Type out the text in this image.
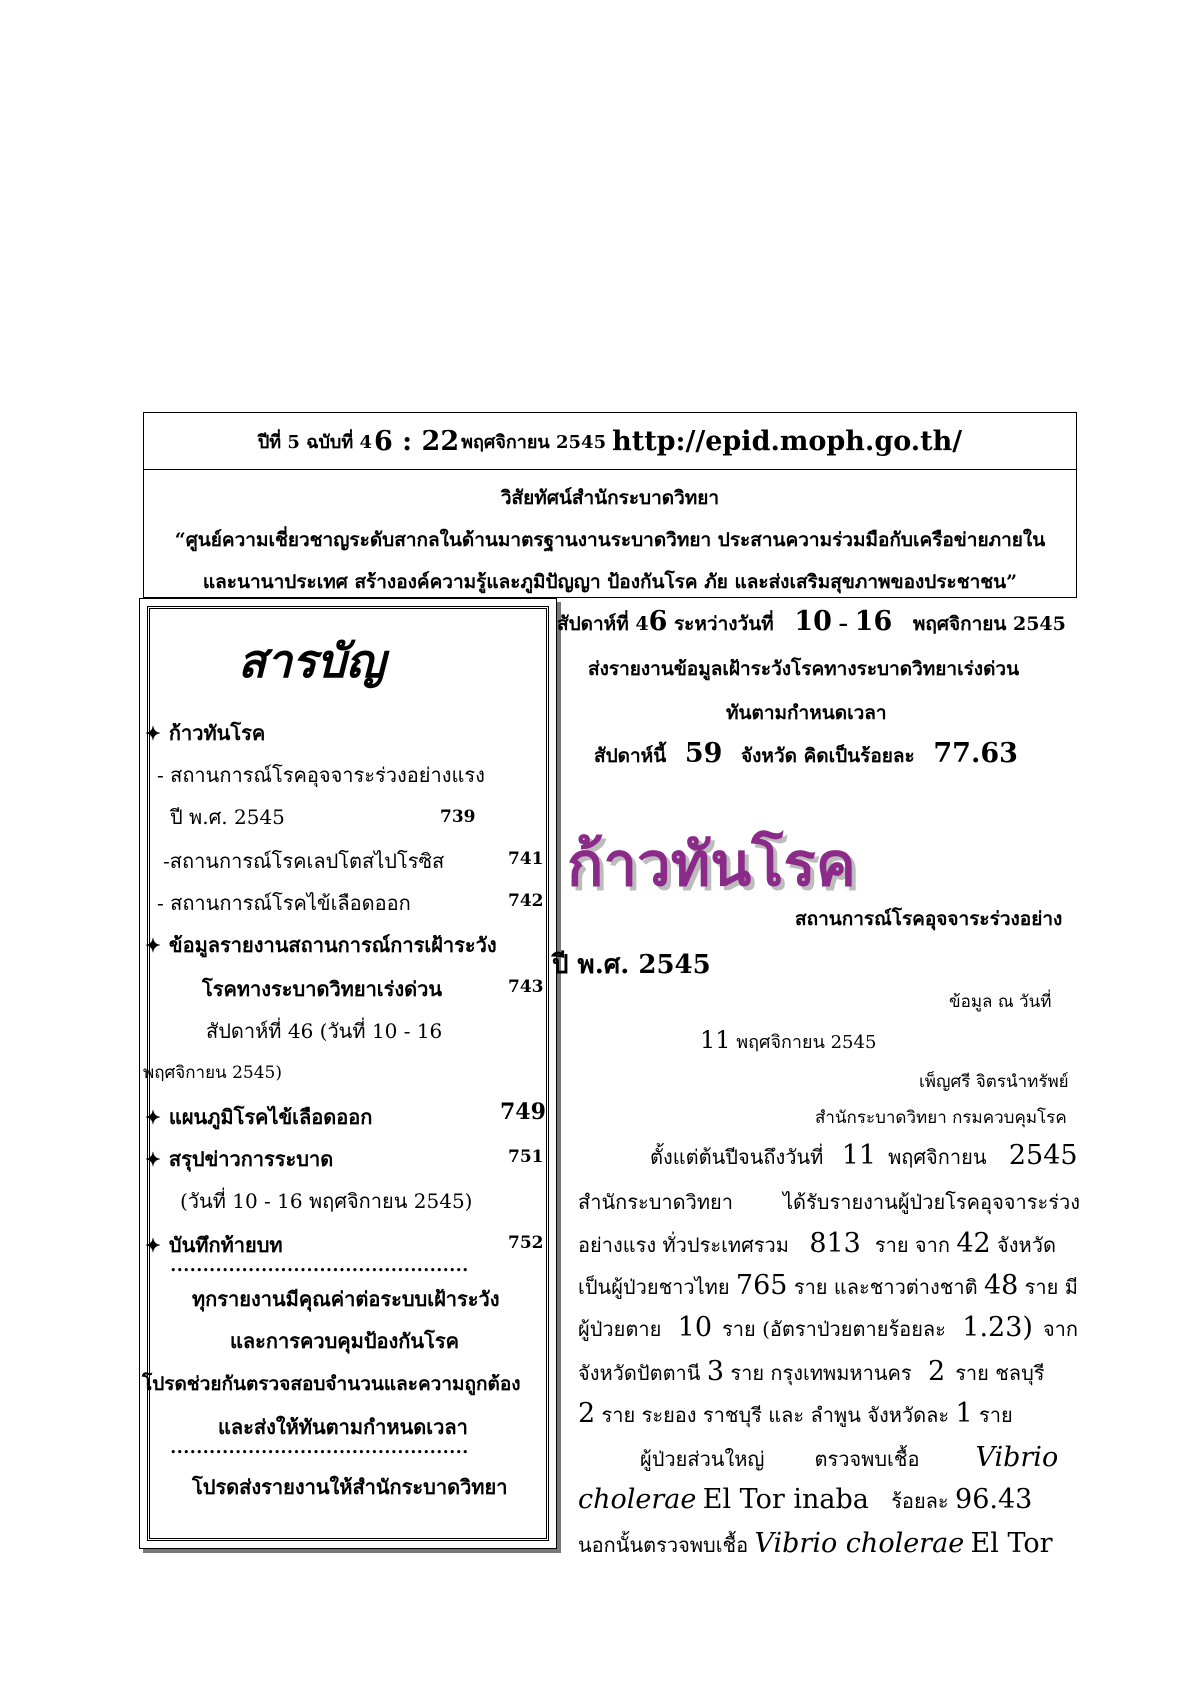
ปีที่ 5 ฉบับที่ 4 6 : 22 พฤศจิกายน 2545 http://epid.moph.go.th/
วิสัยทัศน์สำนักระบาดวิทยา
“ศูนย์ความเชี่ยวชาญระดับสากลในด้านมาตรฐานงานระบาดวิทยา ประสานความร่วมมือกับเครือข่ายภายใน
และนานาประเทศ สร้างองค์ความรู้และภูมิปัญญา ป้องกันโรค ภัย และส่งเสริมสุขภาพของประชาชน”
สารบัญ
✦ ก้าวทันโรค
- สถานการณ์โรคอุจจาระร่วงอย่างแรง
ปี พ.ศ. 2545	739
-สถานการณ์โรคเลปโตสไปโรซิส	741
- สถานการณ์โรคไข้เลือดออก	742
✦ ข้อมูลรายงานสถานการณ์การเฝ้าระวัง
โรคทางระบาดวิทยาเร่งด่วน	743
สัปดาห์ที่ 46 (วันที่ 10 - 16
พฤศจิกายน 2545)
✦ แผนภูมิโรคไข้เลือดออก	749
✦ สรุปข่าวการระบาด	751
(วันที่ 10 - 16 พฤศจิกายน 2545)
✦ บันทึกท้ายบท	752
••••••••••••••••••••••••••••••••••••••••••••••
ทุกรายงานมีคุณค่าต่อระบบเฝ้าระวัง
และการควบคุมป้องกันโรค
โปรดช่วยกันตรวจสอบจำนวนและความถูกต้อง
และส่งให้ทันตามกำหนดเวลา
••••••••••••••••••••••••••••••••••••••••••••••
โปรดส่งรายงานให้สำนักระบาดวิทยา
สัปดาห์ที่ 46 ระหว่างวันที่ 10 – 16 พฤศจิกายน 2545
ส่งรายงานข้อมูลเฝ้าระวังโรคทางระบาดวิทยาเร่งด่วน
ทันตามกำหนดเวลา
สัปดาห์นี้ 59 จังหวัด คิดเป็นร้อยละ 77.63
ก้าวทันโรค
สถานการณ์โรคอุจจาระร่วงอย่าง
ปี พ.ศ. 2545
ข้อมูล ณ วันที่
11 พฤศจิกายน 2545
เพ็ญศรี จิตรนำทรัพย์
สำนักระบาดวิทยา กรมควบคุมโรค
ตั้งแต่ต้นปีจนถึงวันที่ 11 พฤศจิกายน 2545
สำนักระบาดวิทยา	ได้รับรายงานผู้ป่วยโรคอุจจาระร่วง
อย่างแรง ทั่วประเทศรวม 813 ราย จาก 42 จังหวัด
เป็นผู้ป่วยชาวไทย 765 ราย และชาวต่างชาติ 48 ราย มี
ผู้ป่วยตาย 10 ราย (อัตราป่วยตายร้อยละ 1.23) จาก
จังหวัดปัตตานี 3 ราย กรุงเทพมหานคร 2 ราย ชลบุรี
2 ราย ระยอง ราชบุรี และ ลำพูน จังหวัดละ 1 ราย
ผู้ป่วยส่วนใหญ่	ตรวจพบเชื้อ Vibrio
cholerae El Tor inaba ร้อยละ 96.43
นอกนั้นตรวจพบเชื้อ Vibrio cholerae El Tor
